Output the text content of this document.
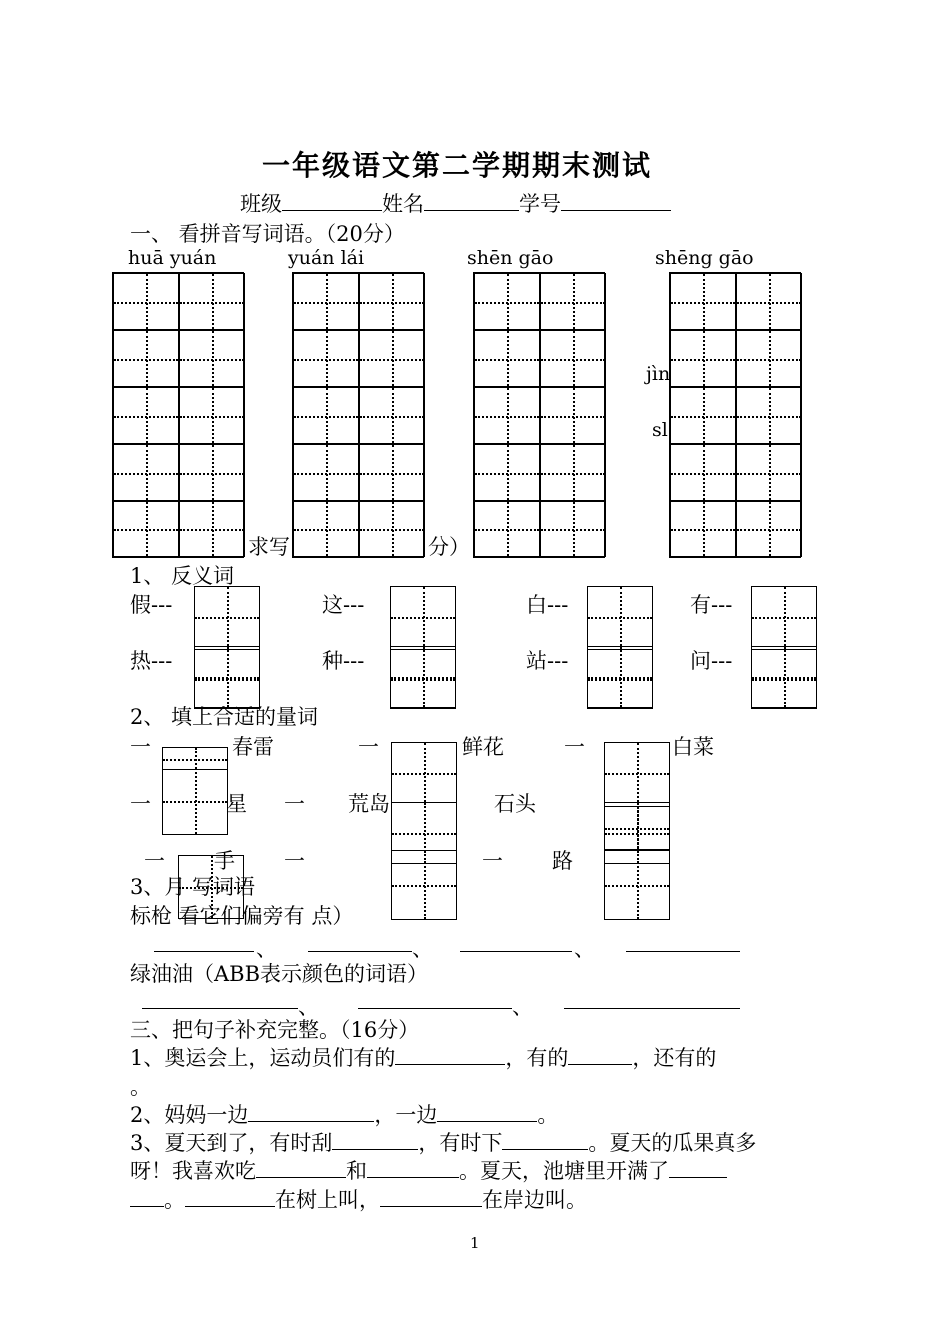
一年级语文第二学期期末测试
班级	姓名	学号
一、 看拼音写词语。（20分）
huā yuán	yuán lái	shēn gāo	shēng gāo
jìn
sl
求写	分）
1、 反义词
假---	这---	白---	有---
热---	种---	站---	问---
2、 填上合适的量词
一	春雷	一	鲜花	一	白菜
一	星 一 荒岛	石头
一 手 一	一 路
3、月 写词语
标枪 看它们偏旁有 点）
、	、	、
绿油油（ABB表示颜色的词语）
、	、
三、把句子补充完整。（16分）
1、奥运会上，运动员们有的	，有的	，还有的
。
2、妈妈一边	，一边	。
3、夏天到了，有时刮	，有时下	。夏天的瓜果真多
呀！我喜欢吃	和	。夏天，池塘里开满了
。	在树上叫，	在岸边叫。
1
